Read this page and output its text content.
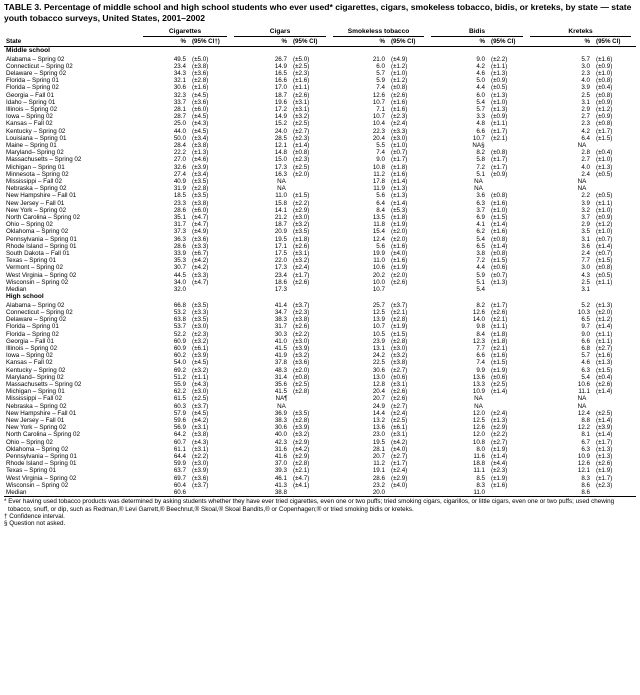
TABLE 3. Percentage of middle school and high school students who ever used* cigarettes, cigars, smokeless tobacco, bidis, or kreteks, by state — state youth tobacco surveys, United States, 2001–2002

	Cigarettes		Cigars		Smokeless tobacco		Bidis		Kreteks	

State	%	(95% CI†)	%	(95% CI)	%	(95% CI)	%	(95% CI)	%	(95% CI)
Middle school										
Alabama – Spring 02	49.5	(±5.0)	26.7	(±5.0)	21.0	(±4.9)	9.0	(±2.2)	5.7	(±1.6)
Connecticut – Spring 02	23.4	(±3.8)	14.9	(±2.5)	6.0	(±1.2)	4.2	(±1.1)	3.0	(±0.9)
Delaware – Spring 02	34.3	(±3.6)	16.5	(±2.3)	5.7	(±1.0)	4.6	(±1.3)	2.3	(±1.0)
Florida – Spring 01	32.1	(±2.8)	16.6	(±1.6)	5.9	(±1.2)	5.0	(±0.9)	4.0	(±0.8)
Florida – Spring 02	30.6	(±1.6)	17.0	(±1.1)	7.4	(±0.8)	4.4	(±0.5)	3.9	(±0.4)
Georgia – Fall 01	32.3	(±4.5)	18.7	(±2.6)	12.6	(±2.6)	6.0	(±1.3)	2.5	(±0.8)
Idaho – Spring 01	33.7	(±3.6)	19.6	(±3.1)	10.7	(±1.6)	5.4	(±1.0)	3.1	(±0.9)
Illinois – Spring 02	28.1	(±6.0)	17.2	(±3.1)	7.1	(±1.6)	5.7	(±1.3)	2.9	(±1.2)
Iowa – Spring 02	28.7	(±4.5)	14.9	(±3.2)	10.7	(±2.3)	3.3	(±0.9)	2.7	(±0.9)
Kansas – Fall 02	25.0	(±4.3)	15.2	(±2.5)	10.4	(±2.4)	4.8	(±1.1)	2.3	(±0.8)
Kentucky – Spring 02	44.0	(±4.5)	24.0	(±2.7)	22.3	(±3.3)	6.6	(±1.7)	4.2	(±1.7)
Louisiana – Spring 01	50.0	(±3.4)	28.5	(±2.3)	20.4	(±3.0)	10.7	(±2.1)	6.4	(±1.5)
Maine – Spring 01	28.4	(±3.8)	12.1	(±1.4)	5.5	(±1.0)	NA§		NA	
Maryland– Spring 02	22.2	(±1.3)	14.8	(±0.8)	7.4	(±0.7)	8.2	(±0.8)	2.8	(±0.4)
Massachusetts – Spring 02	27.0	(±4.6)	15.0	(±2.3)	9.0	(±1.7)	5.8	(±1.7)	2.7	(±1.0)
Michigan – Spring 01	32.6	(±3.9)	17.3	(±2.5)	10.8	(±1.8)	7.2	(±1.7)	4.0	(±1.3)
Minnesota – Spring 02	27.4	(±3.4)	16.3	(±2.0)	11.2	(±1.6)	5.1	(±0.9)	2.4	(±0.5)
Mississippi – Fall 02	40.9	(±3.5)	NA		17.8	(±1.4)	NA		NA	
Nebraska – Spring 02	31.9	(±2.8)	NA		11.9	(±1.3)	NA		NA	
New Hampshire – Fall 01	18.5	(±3.5)	11.0	(±1.5)	5.6	(±1.3)	3.6	(±0.8)	2.2	(±0.5)
New Jersey – Fall 01	23.3	(±3.8)	15.8	(±2.2)	6.4	(±1.4)	6.3	(±1.6)	3.9	(±1.1)
New York – Spring 02	28.6	(±6.0)	14.1	(±2.9)	8.4	(±5.3)	3.7	(±1.0)	3.2	(±1.0)
North Carolina – Spring 02	35.1	(±4.7)	21.2	(±3.0)	13.5	(±1.8)	6.9	(±1.5)	3.7	(±0.9)
Ohio – Spring 02	31.7	(±4.7)	18.7	(±3.2)	11.8	(±1.9)	4.1	(±1.4)	2.9	(±1.2)
Oklahoma – Spring 02	37.3	(±4.9)	20.9	(±3.5)	15.4	(±2.0)	6.2	(±1.6)	3.5	(±1.0)
Pennsylvania – Spring 01	36.3	(±3.6)	19.5	(±1.8)	12.4	(±2.0)	5.4	(±0.8)	3.1	(±0.7)
Rhode Island – Spring 01	28.6	(±3.3)	17.1	(±2.6)	5.6	(±1.6)	6.5	(±1.4)	3.6	(±1.4)
South Dakota – Fall 01	33.9	(±6.7)	17.5	(±3.1)	19.9	(±4.0)	3.8	(±0.8)	2.4	(±0.7)
Texas – Spring 01	35.3	(±4.2)	22.0	(±3.2)	11.0	(±1.6)	7.2	(±1.5)	7.7	(±1.5)
Vermont – Spring 02	30.7	(±4.2)	17.3	(±2.4)	10.6	(±1.9)	4.4	(±0.6)	3.0	(±0.8)
West Virginia – Spring 02	44.5	(±3.3)	23.4	(±1.7)	20.2	(±2.0)	5.9	(±0.7)	4.3	(±0.5)
Wisconsin – Spring 02	34.0	(±4.7)	18.6	(±2.6)	10.0	(±2.6)	5.1	(±1.3)	2.5	(±1.1)
Median	32.0		17.3		10.7		5.4		3.1	
High school										
Alabama – Spring 02	66.8	(±3.5)	41.4	(±3.7)	25.7	(±3.7)	8.2	(±1.7)	5.2	(±1.3)
Connecticut – Spring 02	53.2	(±3.3)	34.7	(±2.3)	12.5	(±2.1)	12.6	(±2.6)	10.3	(±2.0)
Delaware – Spring 02	63.8	(±3.5)	38.3	(±3.8)	13.9	(±2.8)	14.0	(±2.1)	6.5	(±1.2)
Florida – Spring 01	53.7	(±3.0)	31.7	(±2.6)	10.7	(±1.9)	9.8	(±1.1)	9.7	(±1.4)
Florida – Spring 02	52.2	(±2.3)	30.3	(±2.2)	10.5	(±1.5)	8.4	(±1.8)	9.0	(±1.1)
Georgia – Fall 01	60.9	(±3.2)	41.0	(±3.0)	23.9	(±2.8)	12.3	(±1.8)	6.6	(±1.1)
Illinois – Spring 02	60.9	(±6.1)	41.5	(±3.9)	13.1	(±3.0)	7.7	(±2.1)	6.8	(±2.7)
Iowa – Spring 02	60.2	(±3.9)	41.9	(±3.2)	24.2	(±3.2)	6.6	(±1.6)	5.7	(±1.6)
Kansas – Fall 02	54.0	(±4.5)	37.8	(±3.6)	22.5	(±3.8)	7.4	(±1.5)	4.6	(±1.3)
Kentucky – Spring 02	69.2	(±3.2)	48.3	(±2.0)	30.6	(±2.7)	9.9	(±1.9)	6.3	(±1.5)
Maryland– Spring 02	51.2	(±1.1)	31.4	(±0.8)	13.0	(±0.6)	13.6	(±0.6)	5.4	(±0.4)
Massachusetts – Spring 02	55.9	(±4.3)	35.6	(±2.5)	12.8	(±3.1)	13.3	(±2.5)	10.6	(±2.6)
Michigan – Spring 01	62.2	(±3.0)	41.5	(±2.8)	20.4	(±2.6)	10.9	(±1.4)	11.1	(±1.4)
Mississippi – Fall 02	61.5	(±2.5)	NA¶		20.7	(±2.6)	NA		NA	
Nebraska – Spring 02	60.3	(±3.7)	NA		24.9	(±2.7)	NA		NA	
New Hampshire – Fall 01	57.9	(±4.5)	36.9	(±3.5)	14.4	(±2.4)	12.0	(±2.4)	12.4	(±2.5)
New Jersey – Fall 01	59.6	(±4.2)	38.3	(±2.8)	13.2	(±2.5)	12.5	(±1.3)	8.8	(±1.4)
New York – Spring 02	56.9	(±3.1)	30.6	(±3.9)	13.6	(±6.1)	12.6	(±2.9)	12.2	(±3.9)
North Carolina – Spring 02	64.2	(±3.8)	40.0	(±3.2)	23.0	(±3.1)	12.0	(±2.2)	8.1	(±1.4)
Ohio – Spring 02	60.7	(±4.3)	42.3	(±2.9)	19.5	(±4.2)	10.8	(±2.7)	6.7	(±1.7)
Oklahoma – Spring 02	61.1	(±3.1)	31.6	(±4.2)	28.1	(±4.0)	8.0	(±1.9)	6.3	(±1.3)
Pennsylvania – Spring 01	64.4	(±2.2)	41.6	(±2.9)	20.7	(±2.7)	11.6	(±1.4)	10.9	(±1.3)
Rhode Island – Spring 01	59.9	(±3.0)	37.0	(±2.8)	11.2	(±1.7)	18.8	(±4.4)	12.6	(±2.6)
Texas – Spring 01	63.7	(±3.9)	39.3	(±2.1)	19.1	(±2.4)	11.1	(±2.3)	12.1	(±1.9)
West Virginia – Spring 02	69.7	(±3.6)	46.1	(±4.7)	28.6	(±2.9)	8.5	(±1.9)	8.3	(±1.7)
Wisconsin – Spring 02	60.4	(±3.7)	41.3	(±4.1)	23.2	(±4.0)	8.3	(±1.6)	8.6	(±2.3)
Median	60.6		38.8		20.0		11.0		8.6	
* Ever having used tobacco products was determined by asking students whether they have ever tried cigarettes, even one or two puffs; tried smoking cigars, cigarillos, or little cigars, even one or two puffs; used chewing tobacco, snuff, or dip, such as Redman,® Levi Garrett,® Beechnut,® Skoal,® Skoal Bandits,® or Copenhagen;® or tried smoking bidis or kreteks.
† Confidence interval.
§ Question not asked.
